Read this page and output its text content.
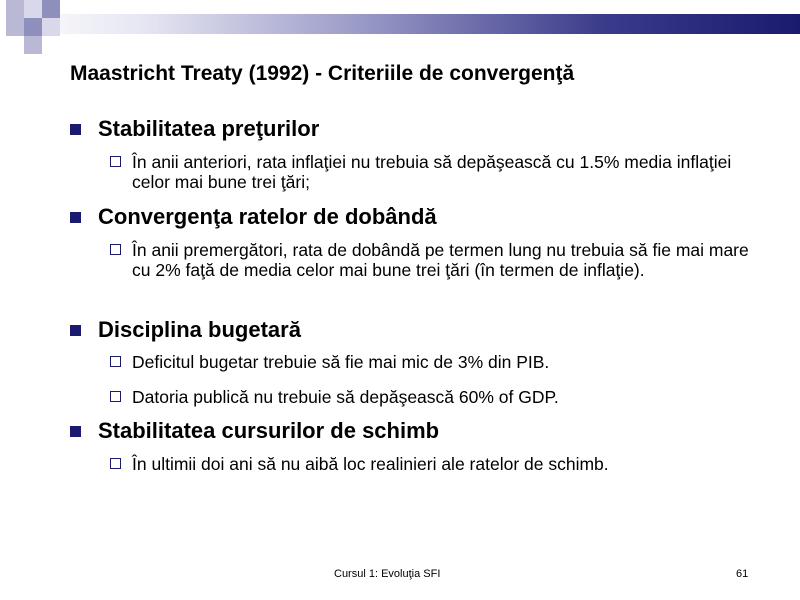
Maastricht Treaty (1992) - Criteriile de convergenţă
Stabilitatea preţurilor
În anii anteriori, rata inflaţiei nu trebuia să depăşească cu 1.5% media inflaţiei celor mai bune trei ţări;
Convergenţa ratelor de dobândă
În anii premergători, rata de dobândă pe termen lung nu trebuia să fie mai mare cu 2% faţă de media celor mai bune trei ţări (în termen de inflaţie).
Disciplina bugetară
Deficitul bugetar trebuie să fie mai mic de 3% din PIB.
Datoria publică nu trebuie să depăşească 60% of GDP.
Stabilitatea cursurilor de schimb
În ultimii doi ani să nu aibă loc realinieri ale ratelor de schimb.
Cursul 1: Evoluţia SFI	61
